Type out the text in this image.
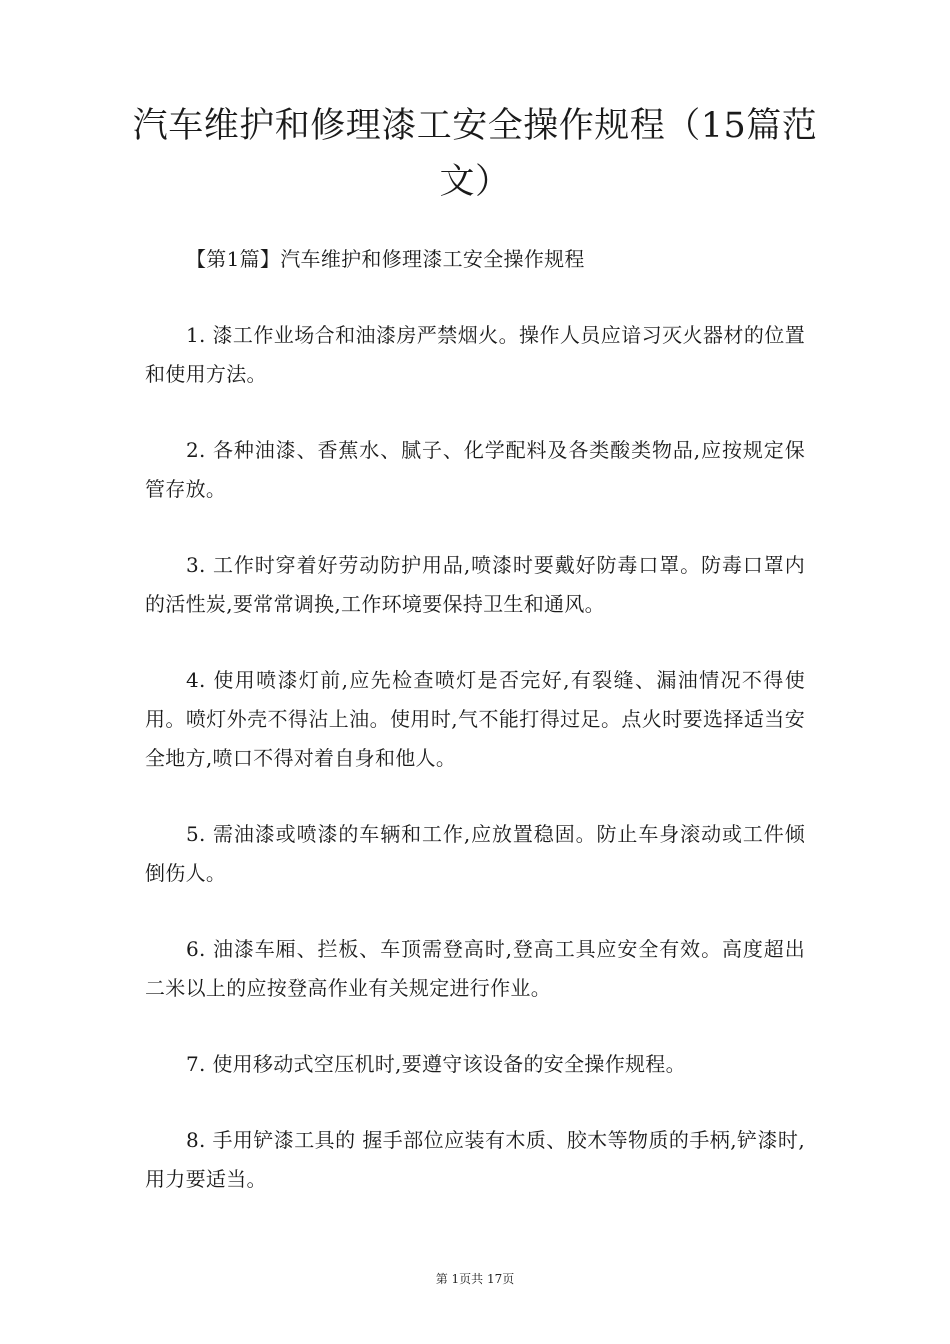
汽车维护和修理漆工安全操作规程（15篇范文）

【第1篇】汽车维护和修理漆工安全操作规程

1. 漆工作业场合和油漆房严禁烟火。操作人员应谙习灭火器材的位置和使用方法。

2. 各种油漆、香蕉水、腻子、化学配料及各类酸类物品,应按规定保管存放。

3. 工作时穿着好劳动防护用品,喷漆时要戴好防毒口罩。防毒口罩内的活性炭,要常常调换,工作环境要保持卫生和通风。

4. 使用喷漆灯前,应先检查喷灯是否完好,有裂缝、漏油情况不得使用。喷灯外壳不得沾上油。使用时,气不能打得过足。点火时要选择适当安全地方,喷口不得对着自身和他人。

5. 需油漆或喷漆的车辆和工作,应放置稳固。防止车身滚动或工件倾倒伤人。

6. 油漆车厢、拦板、车顶需登高时,登高工具应安全有效。高度超出二米以上的应按登高作业有关规定进行作业。

7. 使用移动式空压机时,要遵守该设备的安全操作规程。

8. 手用铲漆工具的 握手部位应装有木质、胶木等物质的手柄,铲漆时,用力要适当。

第 1页共 17页
